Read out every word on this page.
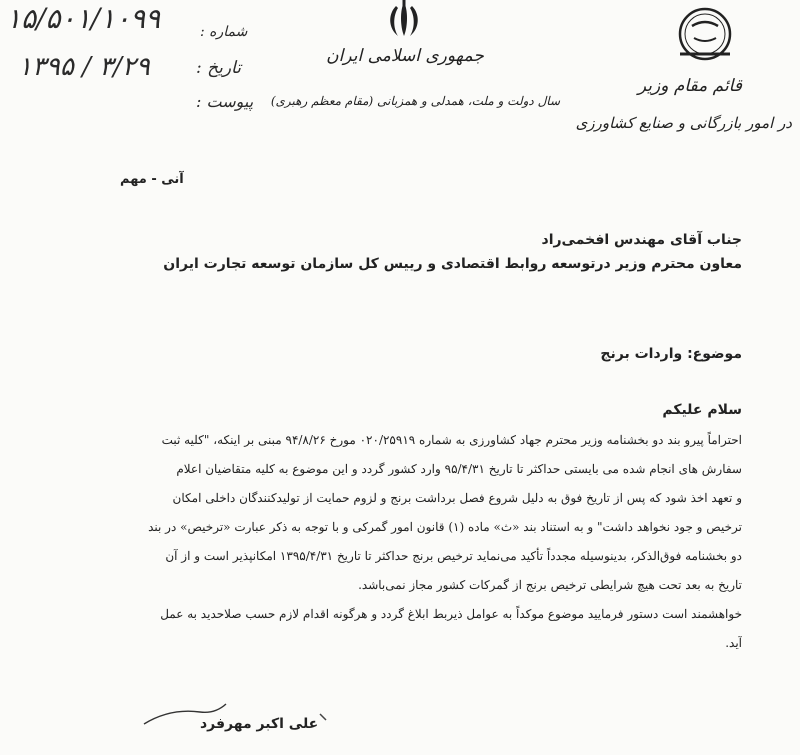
۱۵/۵۰۱/۱۰۹۹
۱۳۹۵ / ۳/۲۹
شماره :
تاریخ :
پیوست :
جمهوری اسلامی ایران
سال دولت و ملت، همدلی و همزبانی (مقام معظم رهبری)
قائم مقام وزیر
در امور بازرگانی و صنایع کشاورزی
آنی - مهم
جناب آقای مهندس افخمی‌راد
معاون محترم وزیر درتوسعه روابط اقتصادی و رییس کل سازمان توسعه تجارت ایران
موضوع: واردات برنج
سلام علیکم
احتراماً پیرو بند دو بخشنامه وزیر محترم جهاد کشاورزی به شماره ۰۲۰/۲۵۹۱۹ مورخ ۹۴/۸/۲۶ مبنی بر اینکه، "کلیه ثبت
سفارش های انجام شده می بایستی حداکثر تا تاریخ ۹۵/۴/۳۱ وارد کشور گردد و این موضوع به کلیه متقاضیان اعلام
و تعهد اخذ شود که پس از تاریخ فوق به دلیل شروع فصل برداشت برنج و لزوم حمایت از تولیدکنندگان داخلی امکان
ترخیص و جود نخواهد داشت" و به استناد بند «ث» ماده (۱) قانون امور گمرکی و با توجه به ذکر عبارت «ترخیص» در بند
دو بخشنامه فوق‌الذکر، بدینوسیله مجدداً تأکید می‌نماید ترخیص برنج حداکثر تا تاریخ ۱۳۹۵/۴/۳۱ امکانپذیر است و از آن
تاریخ به بعد تحت هیچ شرایطی ترخیص برنج از گمرکات کشور مجاز نمی‌باشد.
خواهشمند است دستور فرمایید موضوع موکداً به عوامل ذیربط ابلاغ گردد و هرگونه اقدام لازم حسب صلاحدید به عمل
آید.
علی اکبر مهرفرد
